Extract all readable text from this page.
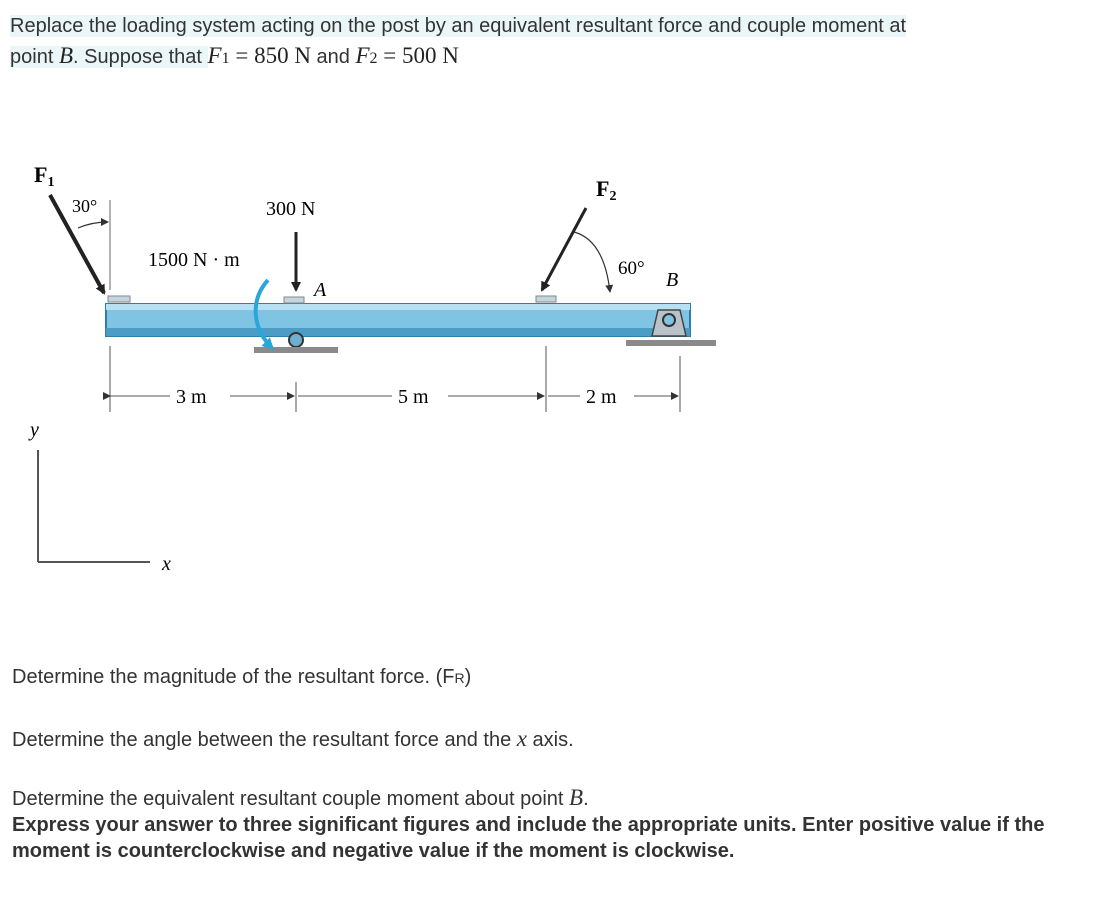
Replace the loading system acting on the post by an equivalent resultant force and couple moment at
point B. Suppose that F1 = 850 N and F2 = 500 N
F1
30°	300 N
A
1500 N · m
F2
60°
B
3 m	5 m	2 m
y
x
Determine the magnitude of the resultant force. (FR)
Determine the angle between the resultant force and the x axis.
Determine the equivalent resultant couple moment about point B.
Express your answer to three significant figures and include the appropriate units. Enter positive value if the moment is counterclockwise and negative value if the moment is clockwise.
